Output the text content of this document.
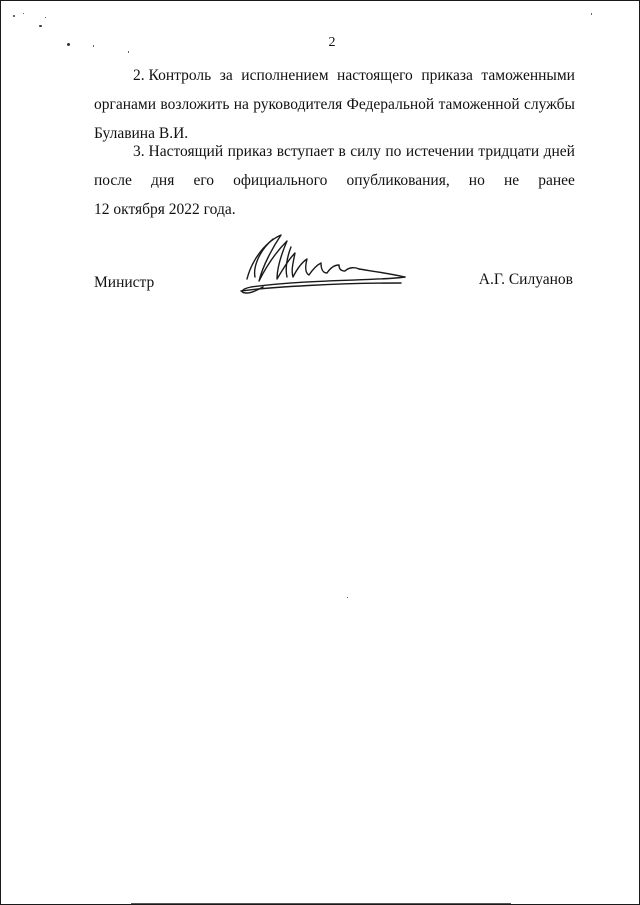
2

2. Контроль за исполнением настоящего приказа таможенными
органами возложить на руководителя Федеральной таможенной службы
Булавина В.И.

3. Настоящий приказ вступает в силу по истечении тридцати дней
после дня его официального опубликования, но не ранее
12 октября 2022 года.

Министр	А.Г. Силуанов
